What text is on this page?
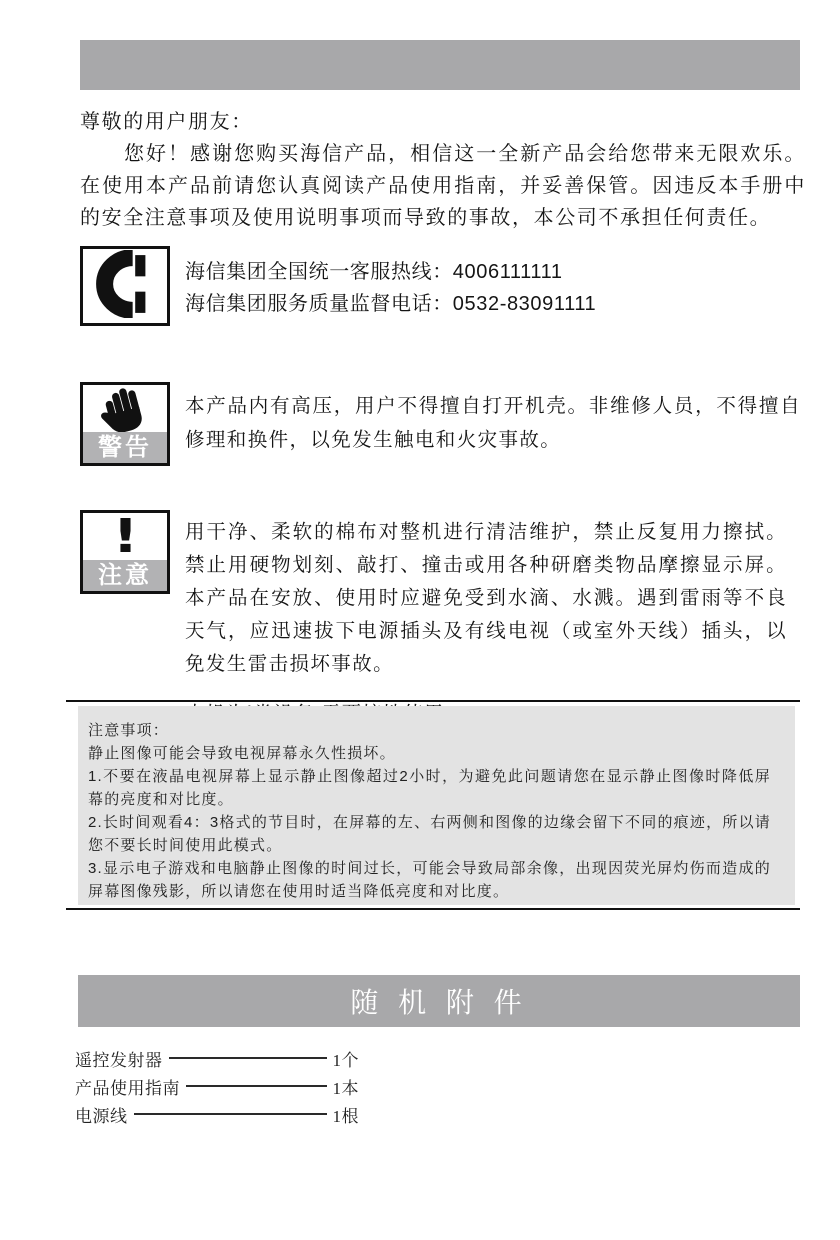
尊敬的用户朋友：
　　您好！感谢您购买海信产品，相信这一全新产品会给您带来无限欢乐。在使用本产品前请您认真阅读产品使用指南，并妥善保管。因违反本手册中的安全注意事项及使用说明事项而导致的事故，本公司不承担任何责任。
海信集团全国统一客服热线：4006111111
海信集团服务质量监督电话：0532-83091111
警告
本产品内有高压，用户不得擅自打开机壳。非维修人员，不得擅自修理和换件，以免发生触电和火灾事故。
!
注意
用干净、柔软的棉布对整机进行清洁维护，禁止反复用力擦拭。禁止用硬物划刻、敲打、撞击或用各种研磨类物品摩擦显示屏。本产品在安放、使用时应避免受到水滴、水溅。遇到雷雨等不良天气，应迅速拔下电源插头及有线电视（或室外天线）插头，以免发生雷击损坏事故。
注意事项：
静止图像可能会导致电视屏幕永久性损坏。
1.不要在液晶电视屏幕上显示静止图像超过2小时，为避免此问题请您在显示静止图像时降低屏幕的亮度和对比度。
2.长时间观看4：3格式的节目时，在屏幕的左、右两侧和图像的边缘会留下不同的痕迹，所以请您不要长时间使用此模式。
3.显示电子游戏和电脑静止图像的时间过长，可能会导致局部余像，出现因荧光屏灼伤而造成的屏幕图像残影，所以请您在使用时适当降低亮度和对比度。
随 机 附 件
遥控发射器	1个
产品使用指南	1本
电源线	1根
